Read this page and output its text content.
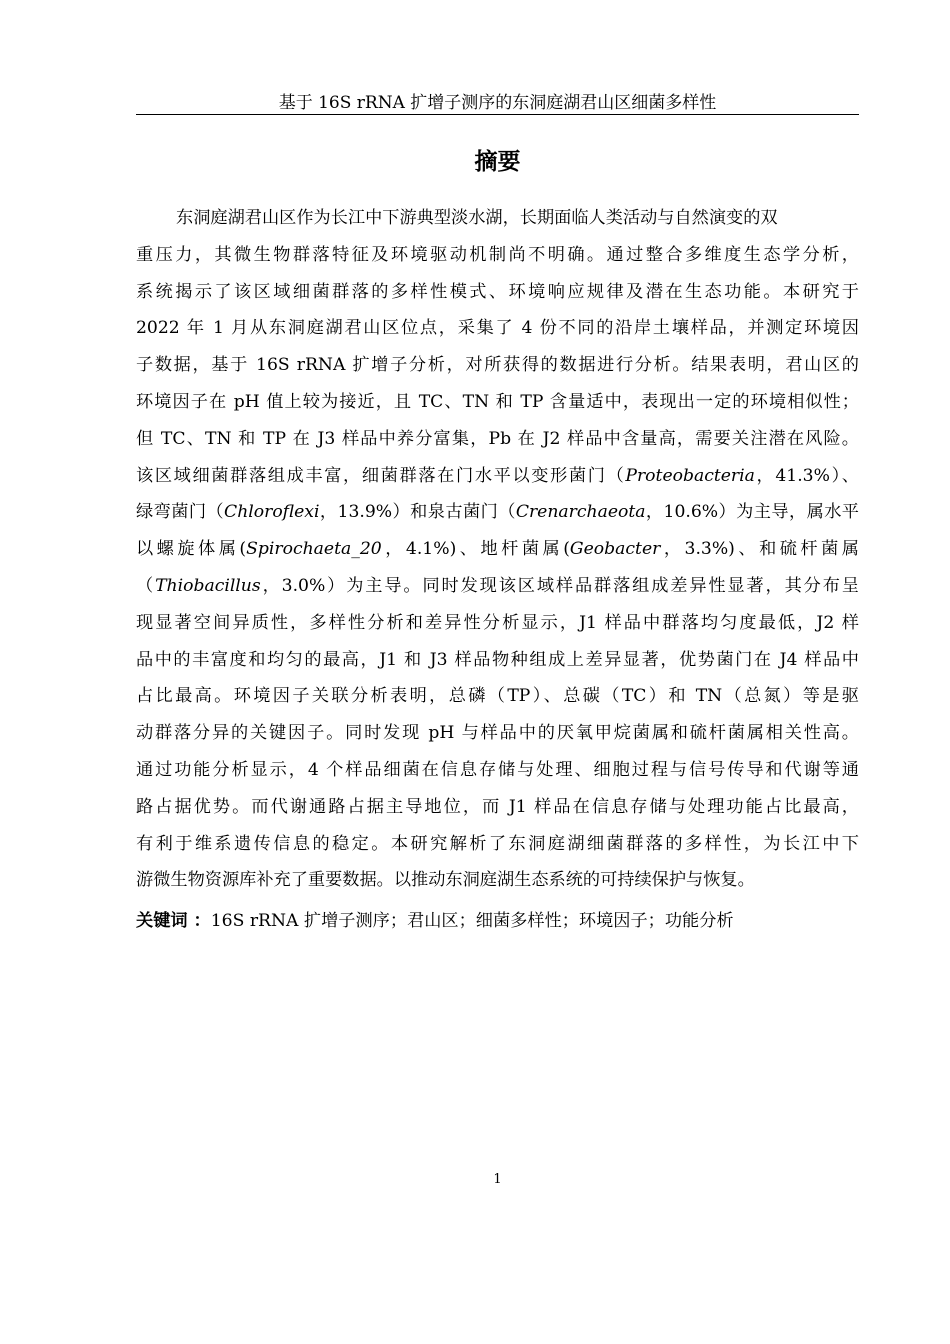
基于 16S rRNA 扩增子测序的东洞庭湖君山区细菌多样性
摘要
东洞庭湖君山区作为长江中下游典型淡水湖，长期面临人类活动与自然演变的双
重压力，其微生物群落特征及环境驱动机制尚不明确。通过整合多维度生态学分析，
系统揭示了该区域细菌群落的多样性模式、环境响应规律及潜在生态功能。本研究于
2022 年 1 月从东洞庭湖君山区位点，采集了 4 份不同的沿岸土壤样品，并测定环境因
子数据，基于 16S rRNA 扩增子分析，对所获得的数据进行分析。结果表明，君山区的
环境因子在 pH 值上较为接近，且 TC、TN 和 TP 含量适中，表现出一定的环境相似性；
但 TC、TN 和 TP 在 J3 样品中养分富集，Pb 在 J2 样品中含量高，需要关注潜在风险。
该区域细菌群落组成丰富，细菌群落在门水平以变形菌门（Proteobacteria，41.3%）、
绿弯菌门（Chloroflexi，13.9%）和泉古菌门（Crenarchaeota，10.6%）为主导，属水平
以螺旋体属(Spirochaeta_20，4.1%)、地杆菌属(Geobacter，3.3%)、和硫杆菌属
（Thiobacillus，3.0%）为主导。同时发现该区域样品群落组成差异性显著，其分布呈
现显著空间异质性，多样性分析和差异性分析显示，J1 样品中群落均匀度最低，J2 样
品中的丰富度和均匀的最高，J1 和 J3 样品物种组成上差异显著，优势菌门在 J4 样品中
占比最高。环境因子关联分析表明，总磷（TP）、总碳（TC）和 TN（总氮）等是驱
动群落分异的关键因子。同时发现 pH 与样品中的厌氧甲烷菌属和硫杆菌属相关性高。
通过功能分析显示，4 个样品细菌在信息存储与处理、细胞过程与信号传导和代谢等通
路占据优势。而代谢通路占据主导地位，而 J1 样品在信息存储与处理功能占比最高，
有利于维系遗传信息的稳定。本研究解析了东洞庭湖细菌群落的多样性，为长江中下
游微生物资源库补充了重要数据。以推动东洞庭湖生态系统的可持续保护与恢复。
关键词 ：16S rRNA 扩增子测序；君山区；细菌多样性；环境因子；功能分析
1
